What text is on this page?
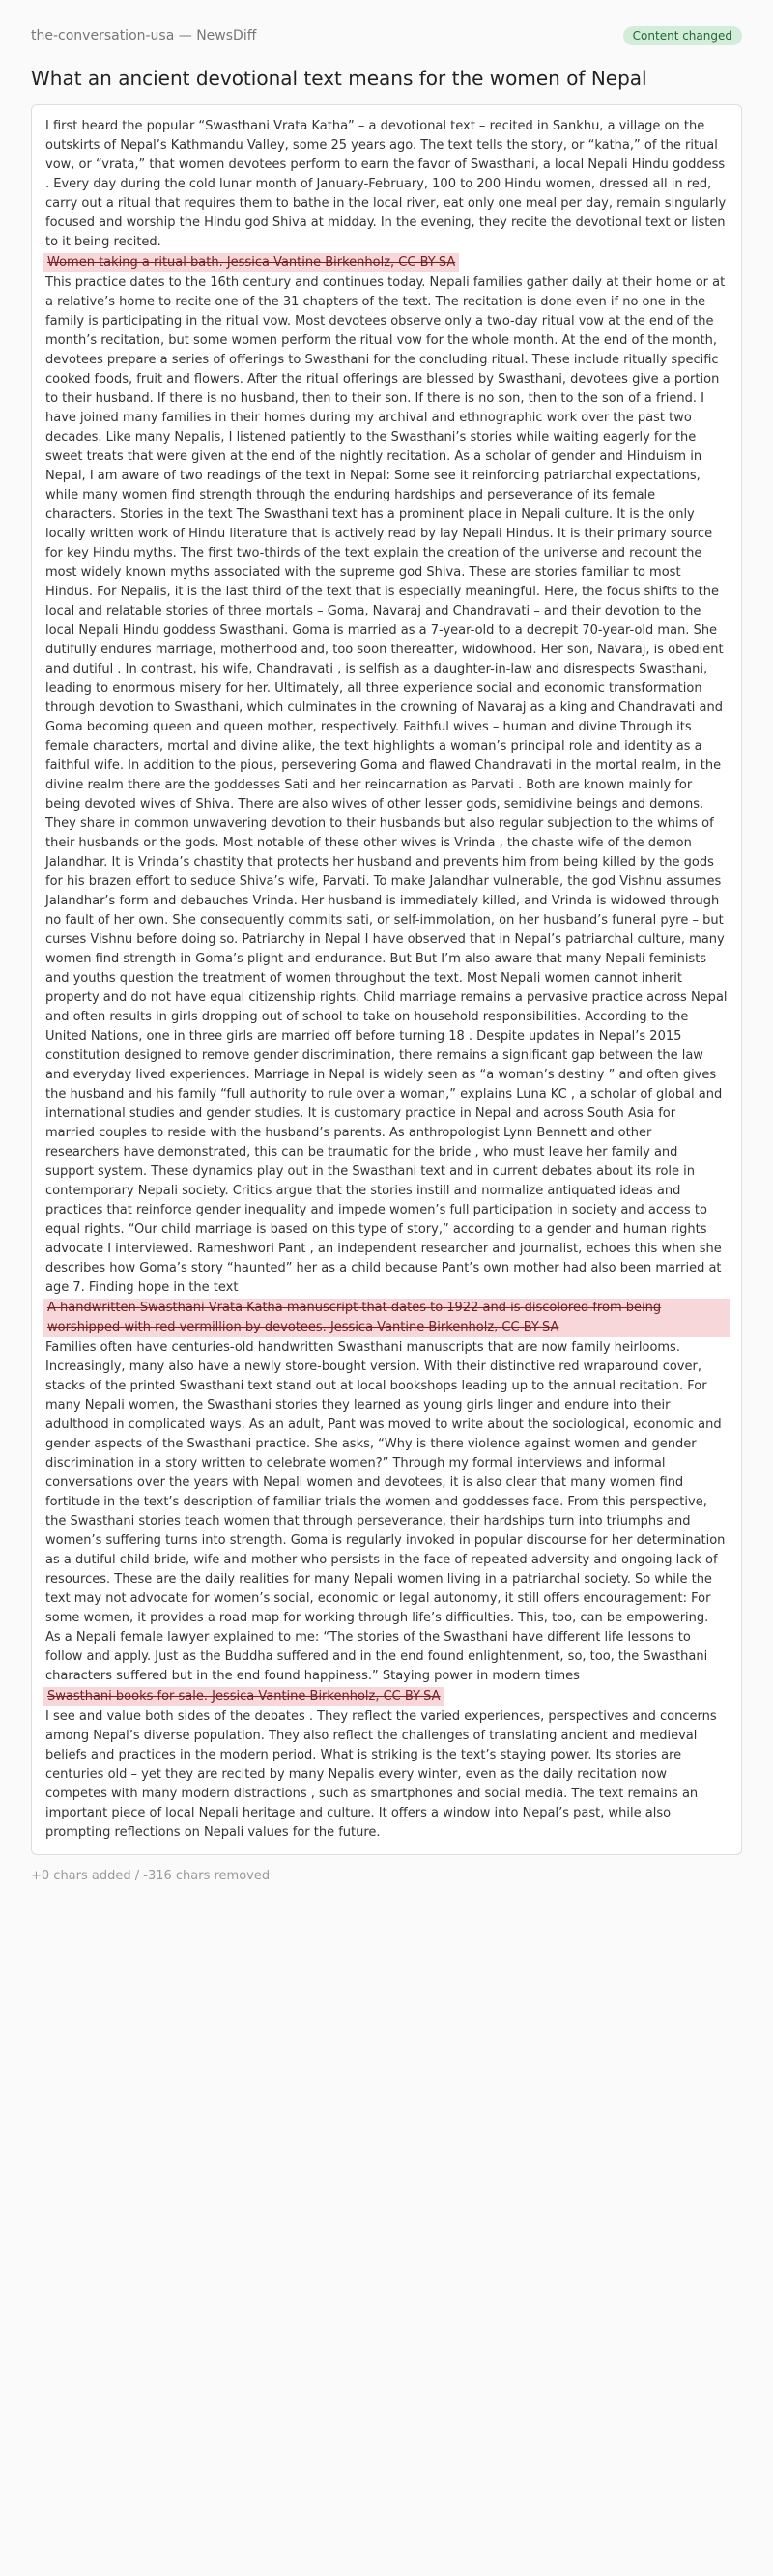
the-conversation-usa — NewsDiff	Content changed
What an ancient devotional text means for the women of Nepal

I first heard the popular “Swasthani Vrata Katha” – a devotional text – recited in Sankhu, a village on the outskirts of Nepal’s Kathmandu Valley, some 25 years ago. The text tells the story, or “katha,” of the ritual vow, or “vrata,” that women devotees perform to earn the favor of Swasthani, a local Nepali Hindu goddess . Every day during the cold lunar month of January-February, 100 to 200 Hindu women, dressed all in red, carry out a ritual that requires them to bathe in the local river, eat only one meal per day, remain singularly focused and worship the Hindu god Shiva at midday. In the evening, they recite the devotional text or listen to it being recited.

Women taking a ritual bath. Jessica Vantine Birkenholz, CC BY-SA

This practice dates to the 16th century and continues today. Nepali families gather daily at their home or at a relative’s home to recite one of the 31 chapters of the text. The recitation is done even if no one in the family is participating in the ritual vow. Most devotees observe only a two-day ritual vow at the end of the month’s recitation, but some women perform the ritual vow for the whole month. At the end of the month, devotees prepare a series of offerings to Swasthani for the concluding ritual. These include ritually specific cooked foods, fruit and flowers. After the ritual offerings are blessed by Swasthani, devotees give a portion to their husband. If there is no husband, then to their son. If there is no son, then to the son of a friend. I have joined many families in their homes during my archival and ethnographic work over the past two decades. Like many Nepalis, I listened patiently to the Swasthani’s stories while waiting eagerly for the sweet treats that were given at the end of the nightly recitation. As a scholar of gender and Hinduism in Nepal, I am aware of two readings of the text in Nepal: Some see it reinforcing patriarchal expectations, while many women find strength through the enduring hardships and perseverance of its female characters. Stories in the text The Swasthani text has a prominent place in Nepali culture. It is the only locally written work of Hindu literature that is actively read by lay Nepali Hindus. It is their primary source for key Hindu myths. The first two-thirds of the text explain the creation of the universe and recount the most widely known myths associated with the supreme god Shiva. These are stories familiar to most Hindus. For Nepalis, it is the last third of the text that is especially meaningful. Here, the focus shifts to the local and relatable stories of three mortals – Goma, Navaraj and Chandravati – and their devotion to the local Nepali Hindu goddess Swasthani. Goma is married as a 7-year-old to a decrepit 70-year-old man. She dutifully endures marriage, motherhood and, too soon thereafter, widowhood. Her son, Navaraj, is obedient and dutiful . In contrast, his wife, Chandravati , is selfish as a daughter-in-law and disrespects Swasthani, leading to enormous misery for her. Ultimately, all three experience social and economic transformation through devotion to Swasthani, which culminates in the crowning of Navaraj as a king and Chandravati and Goma becoming queen and queen mother, respectively. Faithful wives – human and divine Through its female characters, mortal and divine alike, the text highlights a woman’s principal role and identity as a faithful wife. In addition to the pious, persevering Goma and flawed Chandravati in the mortal realm, in the divine realm there are the goddesses Sati and her reincarnation as Parvati . Both are known mainly for being devoted wives of Shiva. There are also wives of other lesser gods, semidivine beings and demons. They share in common unwavering devotion to their husbands but also regular subjection to the whims of their husbands or the gods. Most notable of these other wives is Vrinda , the chaste wife of the demon Jalandhar. It is Vrinda’s chastity that protects her husband and prevents him from being killed by the gods for his brazen effort to seduce Shiva’s wife, Parvati. To make Jalandhar vulnerable, the god Vishnu assumes Jalandhar’s form and debauches Vrinda. Her husband is immediately killed, and Vrinda is widowed through no fault of her own. She consequently commits sati, or self-immolation, on her husband’s funeral pyre – but curses Vishnu before doing so. Patriarchy in Nepal I have observed that in Nepal’s patriarchal culture, many women find strength in Goma’s plight and endurance. But But I’m also aware that many Nepali feminists and youths question the treatment of women throughout the text. Most Nepali women cannot inherit property and do not have equal citizenship rights. Child marriage remains a pervasive practice across Nepal and often results in girls dropping out of school to take on household responsibilities. According to the United Nations, one in three girls are married off before turning 18 . Despite updates in Nepal’s 2015 constitution designed to remove gender discrimination, there remains a significant gap between the law and everyday lived experiences. Marriage in Nepal is widely seen as “a woman’s destiny ” and often gives the husband and his family “full authority to rule over a woman,” explains Luna KC , a scholar of global and international studies and gender studies. It is customary practice in Nepal and across South Asia for married couples to reside with the husband’s parents. As anthropologist Lynn Bennett and other researchers have demonstrated, this can be traumatic for the bride , who must leave her family and support system. These dynamics play out in the Swasthani text and in current debates about its role in contemporary Nepali society. Critics argue that the stories instill and normalize antiquated ideas and practices that reinforce gender inequality and impede women’s full participation in society and access to equal rights. “Our child marriage is based on this type of story,” according to a gender and human rights advocate I interviewed. Rameshwori Pant , an independent researcher and journalist, echoes this when she describes how Goma’s story “haunted” her as a child because Pant’s own mother had also been married at age 7. Finding hope in the text

A handwritten Swasthani Vrata Katha manuscript that dates to 1922 and is discolored from being worshipped with red vermillion by devotees. Jessica Vantine Birkenholz, CC BY-SA

Families often have centuries-old handwritten Swasthani manuscripts that are now family heirlooms. Increasingly, many also have a newly store-bought version. With their distinctive red wraparound cover, stacks of the printed Swasthani text stand out at local bookshops leading up to the annual recitation. For many Nepali women, the Swasthani stories they learned as young girls linger and endure into their adulthood in complicated ways. As an adult, Pant was moved to write about the sociological, economic and gender aspects of the Swasthani practice. She asks, “Why is there violence against women and gender discrimination in a story written to celebrate women?” Through my formal interviews and informal conversations over the years with Nepali women and devotees, it is also clear that many women find fortitude in the text’s description of familiar trials the women and goddesses face. From this perspective, the Swasthani stories teach women that through perseverance, their hardships turn into triumphs and women’s suffering turns into strength. Goma is regularly invoked in popular discourse for her determination as a dutiful child bride, wife and mother who persists in the face of repeated adversity and ongoing lack of resources. These are the daily realities for many Nepali women living in a patriarchal society. So while the text may not advocate for women’s social, economic or legal autonomy, it still offers encouragement: For some women, it provides a road map for working through life’s difficulties. This, too, can be empowering. As a Nepali female lawyer explained to me: “The stories of the Swasthani have different life lessons to follow and apply. Just as the Buddha suffered and in the end found enlightenment, so, too, the Swasthani characters suffered but in the end found happiness.” Staying power in modern times

Swasthani books for sale. Jessica Vantine Birkenholz, CC BY-SA

I see and value both sides of the debates . They reflect the varied experiences, perspectives and concerns among Nepal’s diverse population. They also reflect the challenges of translating ancient and medieval beliefs and practices in the modern period. What is striking is the text’s staying power. Its stories are centuries old – yet they are recited by many Nepalis every winter, even as the daily recitation now competes with many modern distractions , such as smartphones and social media. The text remains an important piece of local Nepali heritage and culture. It offers a window into Nepal’s past, while also prompting reflections on Nepali values for the future.

+0 chars added / -316 chars removed
